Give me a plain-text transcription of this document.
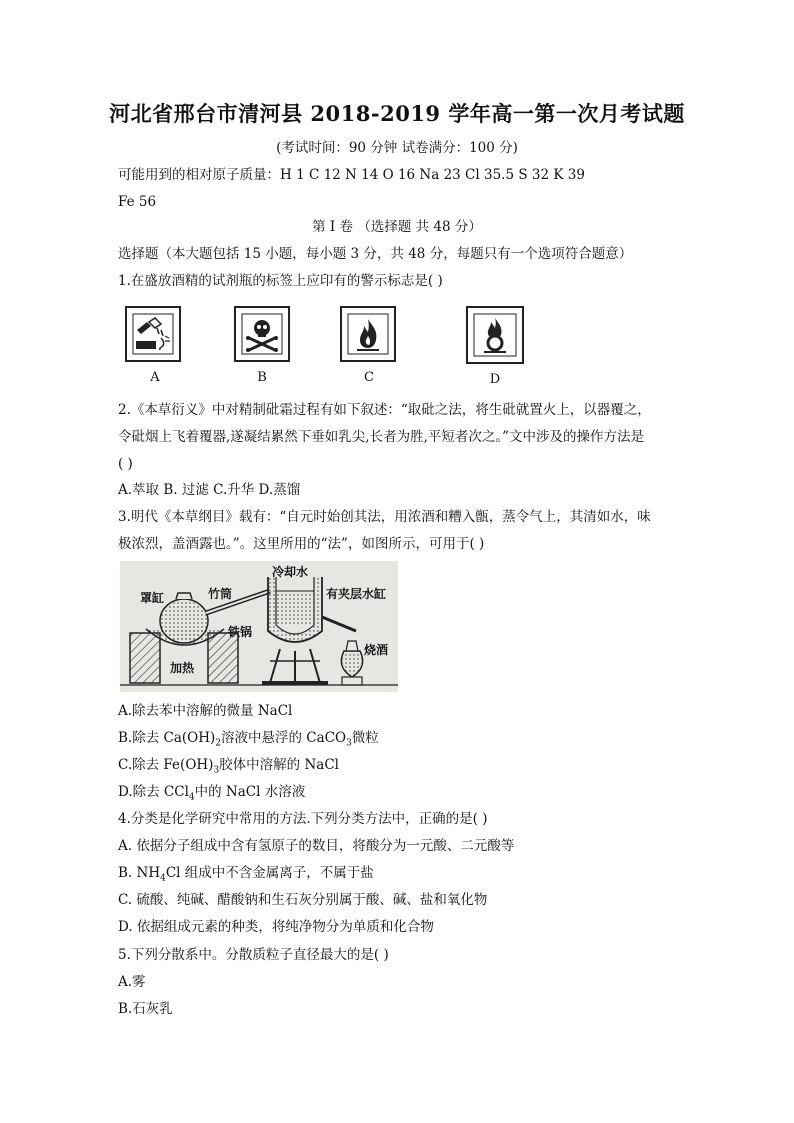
河北省邢台市清河县 2018-2019 学年高一第一次月考试题
(考试时间：90 分钟 试卷满分：100 分)
可能用到的相对原子质量：H 1 C 12 N 14 O 16 Na 23 Cl 35.5 S 32 K 39
Fe 56
第 I 卷 （选择题 共 48 分）
选择题（本大题包括 15 小题，每小题 3 分，共 48 分，每题只有一个选项符合题意）
1.在盛放酒精的试剂瓶的标签上应印有的警示标志是( )
A	B	C	D
2.《本草衍义》中对精制砒霜过程有如下叙述：“取砒之法，将生砒就置火上，以器覆之，
令砒烟上飞着覆器,遂凝结累然下垂如乳尖,长者为胜,平短者次之。”文中涉及的操作方法是
( )
A.萃取 B. 过滤 C.升华 D.蒸馏
3.明代《本草纲目》载有：“自元时始创其法，用浓酒和糟入甑，蒸令气上，其清如水，味
极浓烈，盖酒露也。”。这里所用的“法”，如图所示，可用于( )
罩缸	竹筒
冷却水
有夹层水缸
铁锅
加热
烧酒
A.除去苯中溶解的微量 NaCl
B.除去 $Ca(OH)_2$溶液中悬浮的 CaCO$_3$微粒
C.除去 $Fe(OH)_3$胶体中溶解的 NaCl
D.除去 CCl$_4$中的 NaCl 水溶液
4.分类是化学研究中常用的方法.下列分类方法中，正确的是( )
A. 依据分子组成中含有氢原子的数目，将酸分为一元酸、二元酸等
B. $NH_4Cl$ 组成中不含金属离子，不属于盐
C. 硫酸、纯碱、醋酸钠和生石灰分别属于酸、碱、盐和氧化物
D. 依据组成元素的种类，将纯净物分为单质和化合物
5.下列分散系中。分散质粒子直径最大的是( )
A.雾
B.石灰乳
